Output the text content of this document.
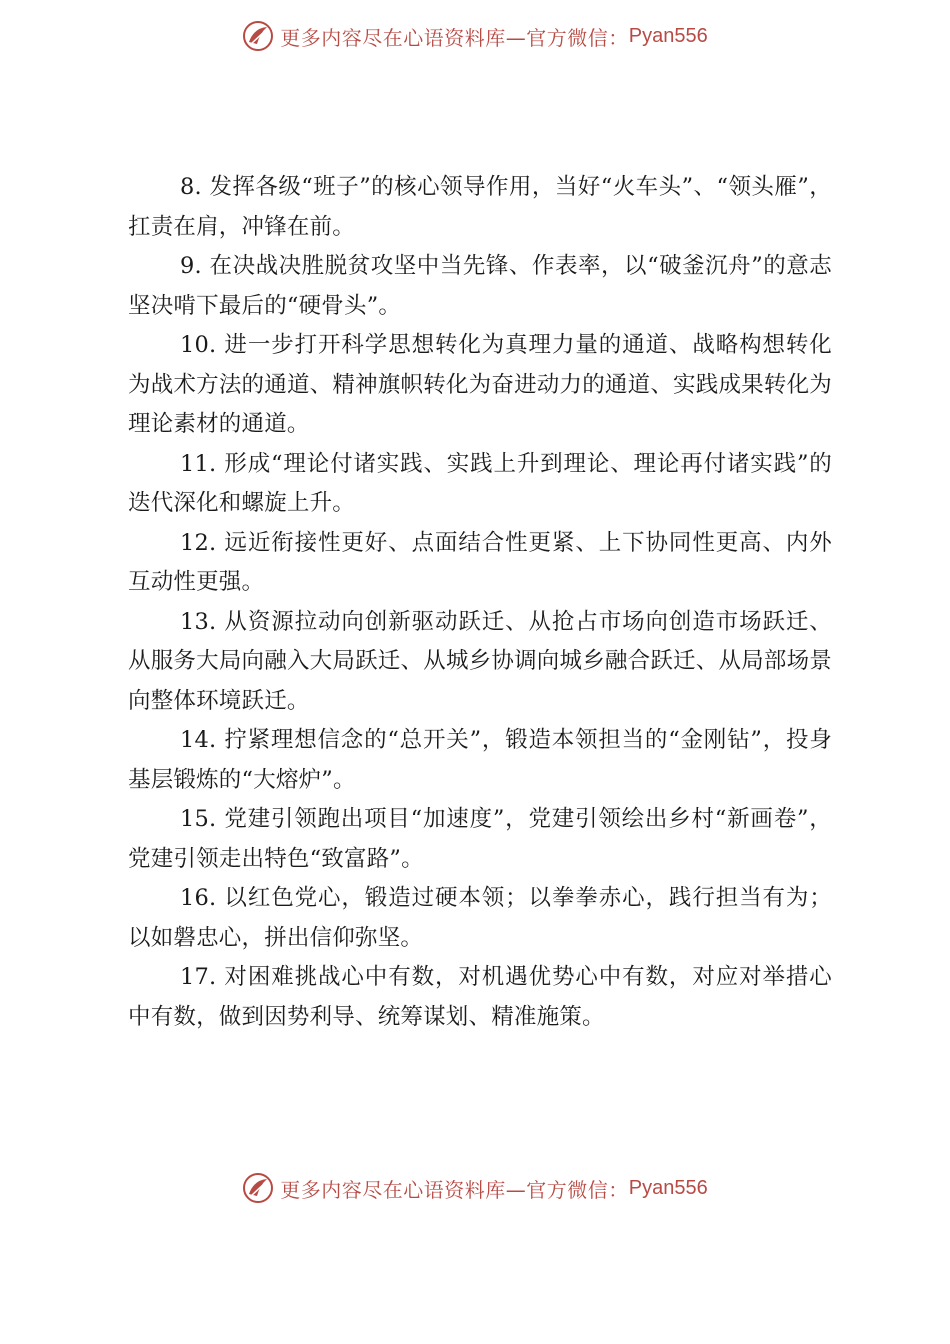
更多内容尽在心语资料库—官方微信： Pyan556

8. 发挥各级“班子”的核心领导作用，当好“火车头”、“领头雁”，扛责在肩，冲锋在前。

9. 在决战决胜脱贫攻坚中当先锋、作表率，以“破釜沉舟”的意志坚决啃下最后的“硬骨头”。

10. 进一步打开科学思想转化为真理力量的通道、战略构想转化为战术方法的通道、精神旗帜转化为奋进动力的通道、实践成果转化为理论素材的通道。

11. 形成“理论付诸实践、实践上升到理论、理论再付诸实践”的迭代深化和螺旋上升。

12. 远近衔接性更好、点面结合性更紧、上下协同性更高、内外互动性更强。

13. 从资源拉动向创新驱动跃迁、从抢占市场向创造市场跃迁、从服务大局向融入大局跃迁、从城乡协调向城乡融合跃迁、从局部场景向整体环境跃迁。

14. 拧紧理想信念的“总开关”，锻造本领担当的“金刚钻”，投身基层锻炼的“大熔炉”。

15. 党建引领跑出项目“加速度”，党建引领绘出乡村“新画卷”，党建引领走出特色“致富路”。

16. 以红色党心，锻造过硬本领；以拳拳赤心，践行担当有为；以如磐忠心，拼出信仰弥坚。

17. 对困难挑战心中有数，对机遇优势心中有数，对应对举措心中有数，做到因势利导、统筹谋划、精准施策。

更多内容尽在心语资料库—官方微信： Pyan556
